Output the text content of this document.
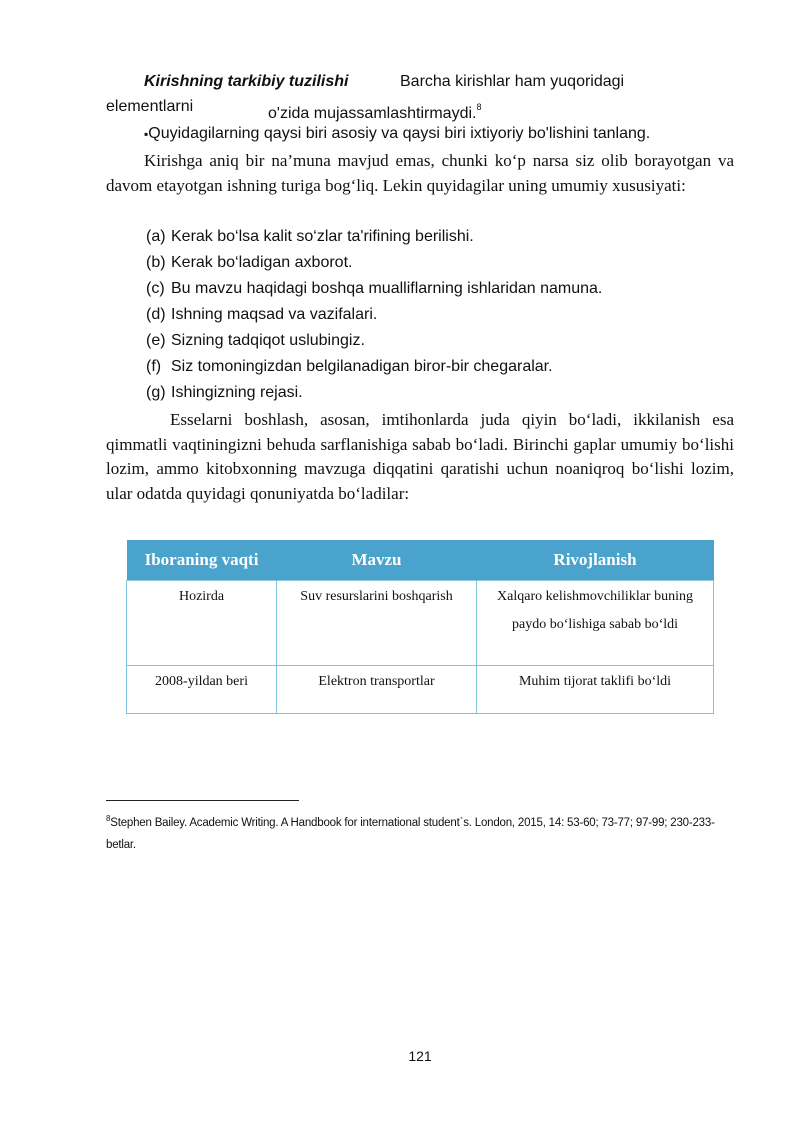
Kirishning tarkibiy tuzilishi	Barcha kirishlar ham yuqoridagi
elementlarni	o'zida mujassamlashtirmaydi.$^8$
▪Quyidagilarning qaysi biri asosiy va qaysi biri ixtiyoriy bo'lishini tanlang.
Kirishga aniq bir na’muna mavjud emas, chunki ko‘p narsa siz olib borayotgan va davom etayotgan ishning turiga bog‘liq. Lekin quyidagilar uning umumiy xususiyati:
(a) Kerak bo‘lsa kalit so‘zlar ta'rifining berilishi.
(b) Kerak bo‘ladigan axborot.
(c) Bu mavzu haqidagi boshqa mualliflarning ishlaridan namuna.
(d) Ishning maqsad va vazifalari.
(e) Sizning tadqiqot uslubingiz.
(f) Siz tomoningizdan belgilanadigan biror-bir chegaralar.
(g) Ishingizning rejasi.
Esselarni boshlash, asosan, imtihonlarda juda qiyin bo‘ladi, ikkilanish esa qimmatli vaqtiningizni behuda sarflanishiga sabab bo‘ladi. Birinchi gaplar umumiy bo‘lishi lozim, ammo kitobxonning mavzuga diqqatini qaratishi uchun noaniqroq bo‘lishi lozim, ular odatda quyidagi qonuniyatda bo‘ladilar:
Iboraning vaqti	Mavzu	Rivojlanish
Hozirda	Suv resurslarini boshqarish	Xalqaro kelishmovchiliklar buning paydo bo‘lishiga sabab bo‘ldi
2008-yildan beri	Elektron transportlar	Muhim tijorat taklifi bo‘ldi
$^8$Stephen Bailey. Academic Writing. A Handbook for international student`s. London, 2015, 14: 53-60; 73-77; 97-99; 230-233-betlar.
121
